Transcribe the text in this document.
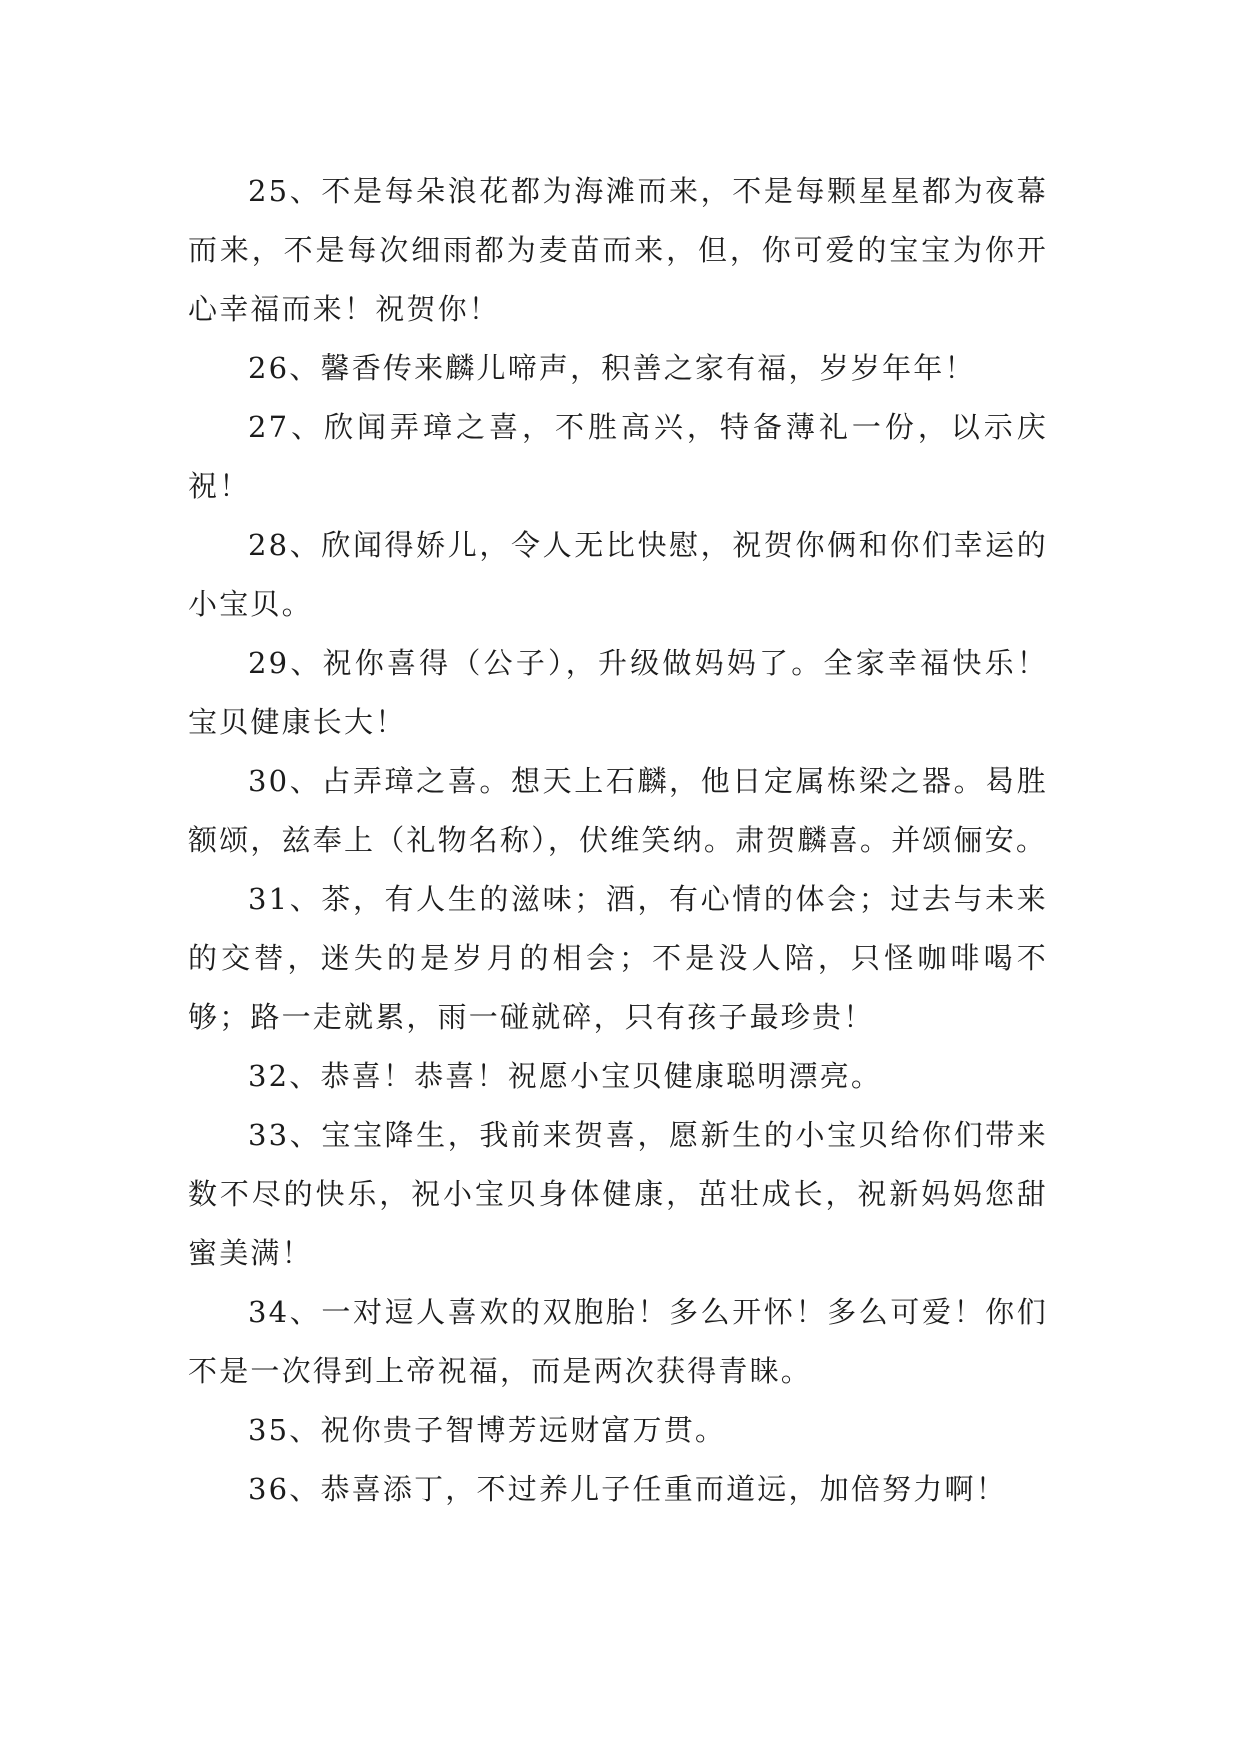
25、不是每朵浪花都为海滩而来，不是每颗星星都为夜幕而来，不是每次细雨都为麦苗而来，但，你可爱的宝宝为你开心幸福而来！祝贺你！

26、馨香传来麟儿啼声，积善之家有福，岁岁年年！

27、欣闻弄璋之喜，不胜高兴，特备薄礼一份，以示庆祝！

28、欣闻得娇儿，令人无比快慰，祝贺你俩和你们幸运的小宝贝。

29、祝你喜得（公子），升级做妈妈了。全家幸福快乐！宝贝健康长大！

30、占弄璋之喜。想天上石麟，他日定属栋梁之器。曷胜额颂，兹奉上（礼物名称），伏维笑纳。肃贺麟喜。并颂俪安。

31、茶，有人生的滋味；酒，有心情的体会；过去与未来的交替，迷失的是岁月的相会；不是没人陪，只怪咖啡喝不够；路一走就累，雨一碰就碎，只有孩子最珍贵！

32、恭喜！恭喜！祝愿小宝贝健康聪明漂亮。

33、宝宝降生，我前来贺喜，愿新生的小宝贝给你们带来数不尽的快乐，祝小宝贝身体健康，茁壮成长，祝新妈妈您甜蜜美满！

34、一对逗人喜欢的双胞胎！多么开怀！多么可爱！你们不是一次得到上帝祝福，而是两次获得青睐。

35、祝你贵子智博芳远财富万贯。

36、恭喜添丁，不过养儿子任重而道远，加倍努力啊！
